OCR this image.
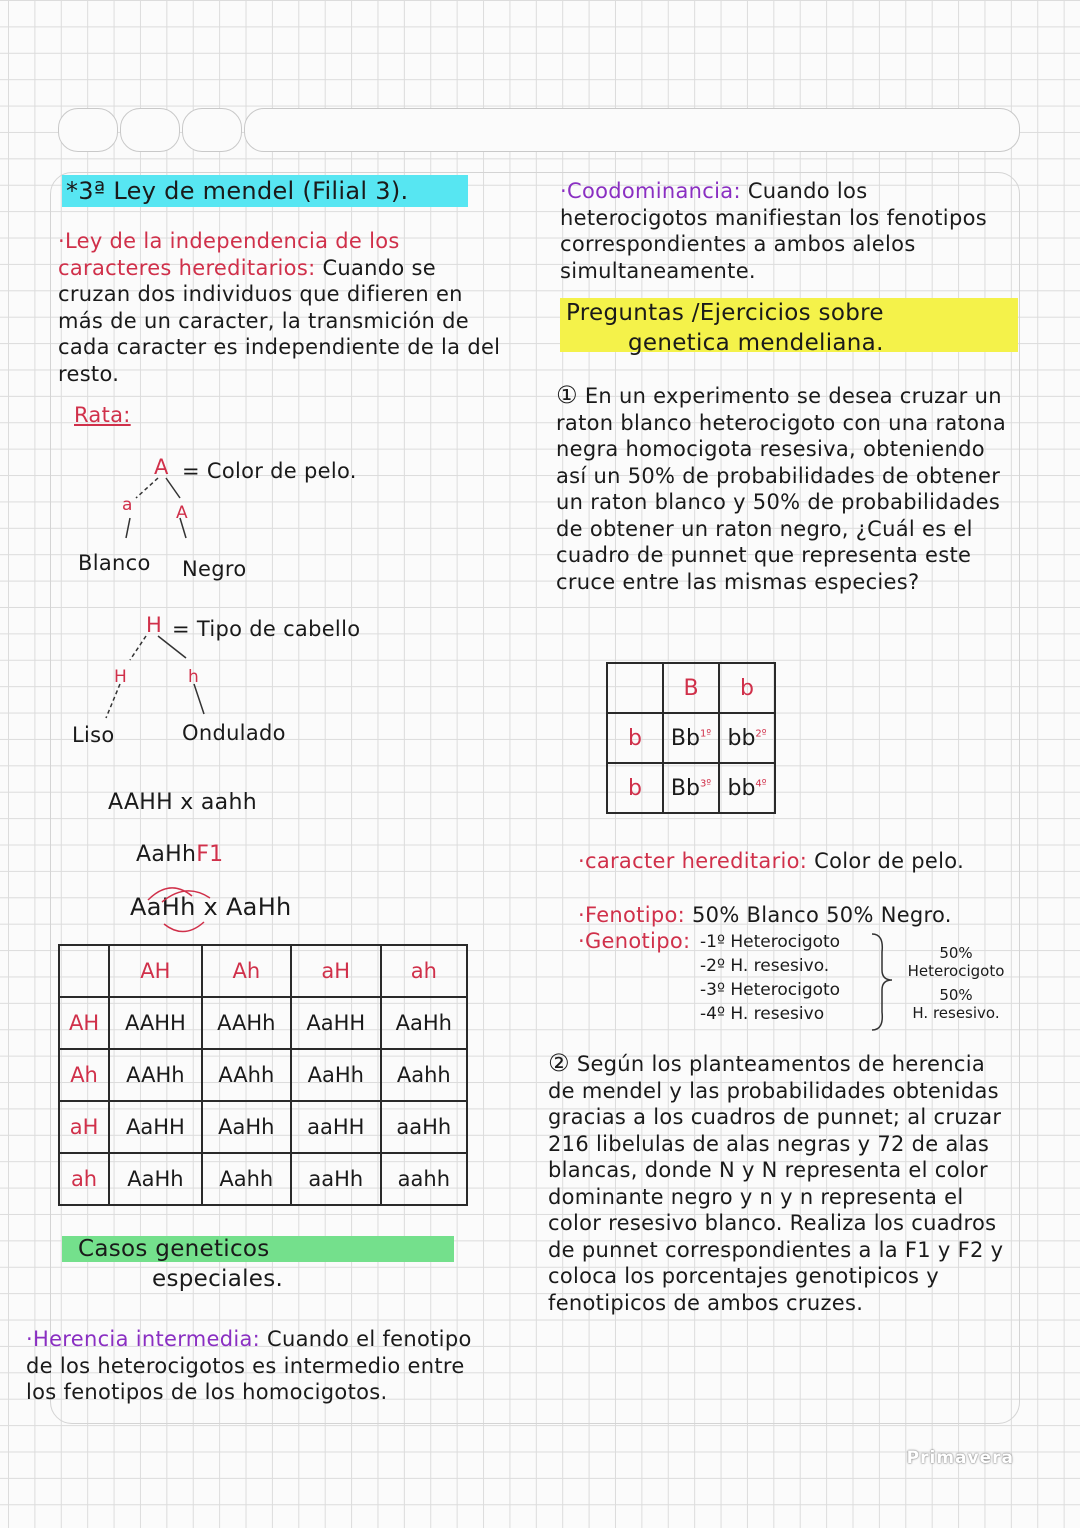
*3ª Ley de mendel (Filial 3).
·Ley de la independencia de los caracteres hereditarios: Cuando se cruzan dos individuos que difieren en más de un caracter, la transmición de cada caracter es independiente de la del resto.
Rata:
A = Color de pelo.
a	A
Blanco Negro
H = Tipo de cabello
H	h
Liso	Ondulado
AAHH x aahh
AaHhF1
AaHh x AaHh
	AH	Ah	aH	ah
AH	AAHH	AAHh	AaHH	AaHh
Ah	AAHh	AAhh	AaHh	Aahh
aH	AaHH	AaHh	aaHH	aaHh
ah	AaHh	Aahh	aaHh	aahh
Casos geneticos
especiales.
·Herencia intermedia: Cuando el fenotipo de los heterocigotos es intermedio entre los fenotipos de los homocigotos.
·Coodominancia: Cuando los heterocigotos manifiestan los fenotipos correspondientes a ambos alelos simultaneamente.
Preguntas /Ejercicios sobre
genetica mendeliana.
① En un experimento se desea cruzar un raton blanco heterocigoto con una ratona negra homocigota resesiva, obteniendo así un 50% de probabilidades de obtener un raton blanco y 50% de probabilidades de obtener un raton negro, ¿Cuál es el cuadro de punnet que representa este cruce entre las mismas especies?
	B	b
b	$Bb^{1º}$	$bb^{2º}$
b	$Bb^{3º}$	$bb^{4º}$
·caracter hereditario: Color de pelo.
·Fenotipo: 50% Blanco 50% Negro.
·Genotipo: -1º Heterocigoto
-2º H. resesivo.
-3º Heterocigoto
-4º H. resesivo
50%
Heterocigoto
50%
H. resesivo.
② Según los planteamentos de herencia de mendel y las probabilidades obtenidas gracias a los cuadros de punnet; al cruzar 216 libelulas de alas negras y 72 de alas blancas, donde N y N representa el color dominante negro y n y n representa el color resesivo blanco. Realiza los cuadros de punnet correspondientes a la F1 y F2 y coloca los porcentajes genotipicos y fenotipicos de ambos cruzes.
Primavera
